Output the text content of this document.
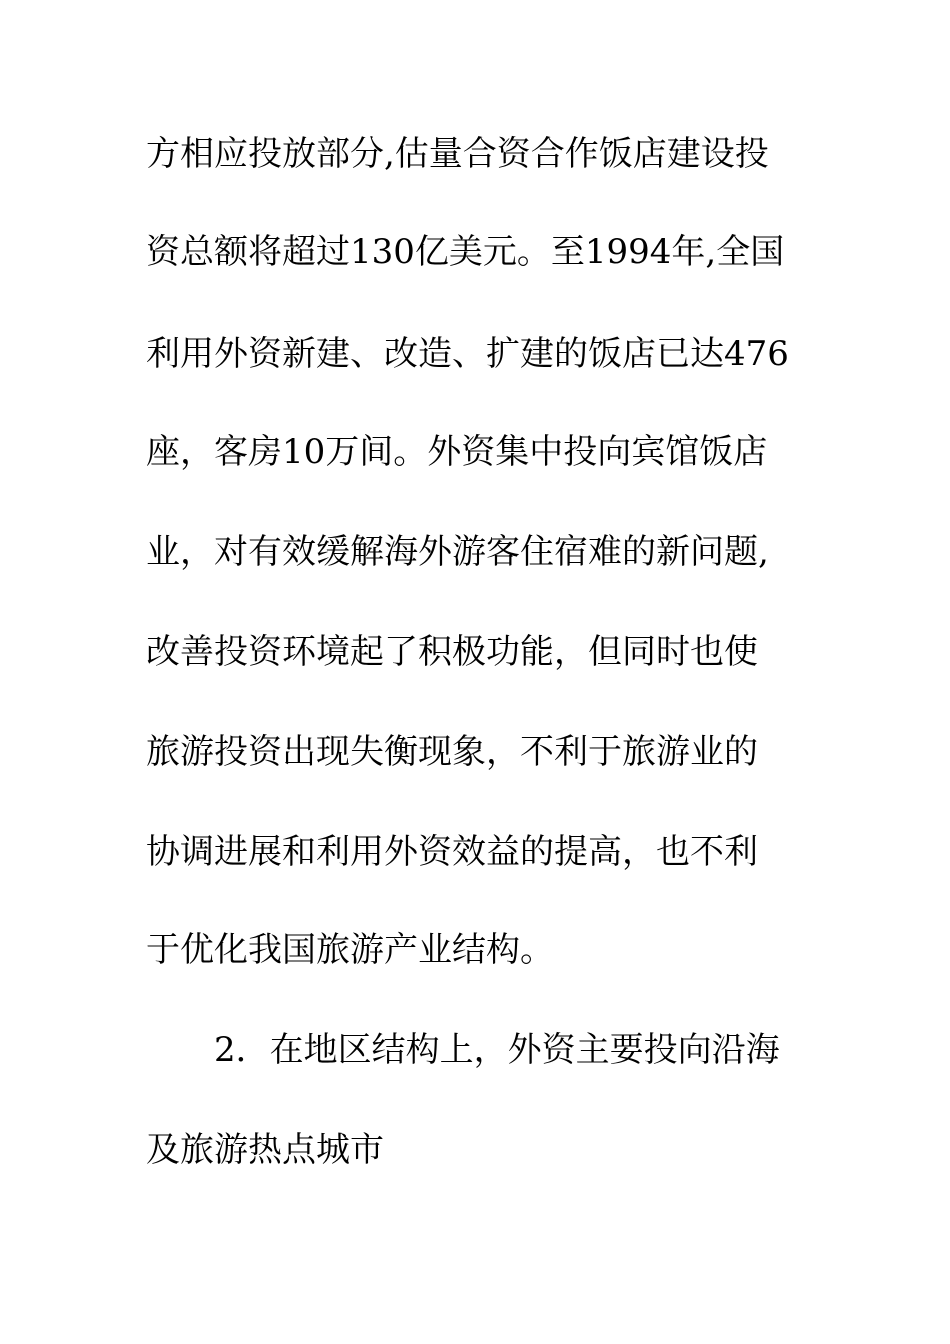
方相应投放部分,估量合资合作饭店建设投
资总额将超过130亿美元。至1994年,全国
利用外资新建、改造、扩建的饭店已达476
座，客房10万间。外资集中投向宾馆饭店
业，对有效缓解海外游客住宿难的新问题,
改善投资环境起了积极功能，但同时也使
旅游投资出现失衡现象，不利于旅游业的
协调进展和利用外资效益的提高，也不利
于优化我国旅游产业结构。
2．在地区结构上，外资主要投向沿海
及旅游热点城市
